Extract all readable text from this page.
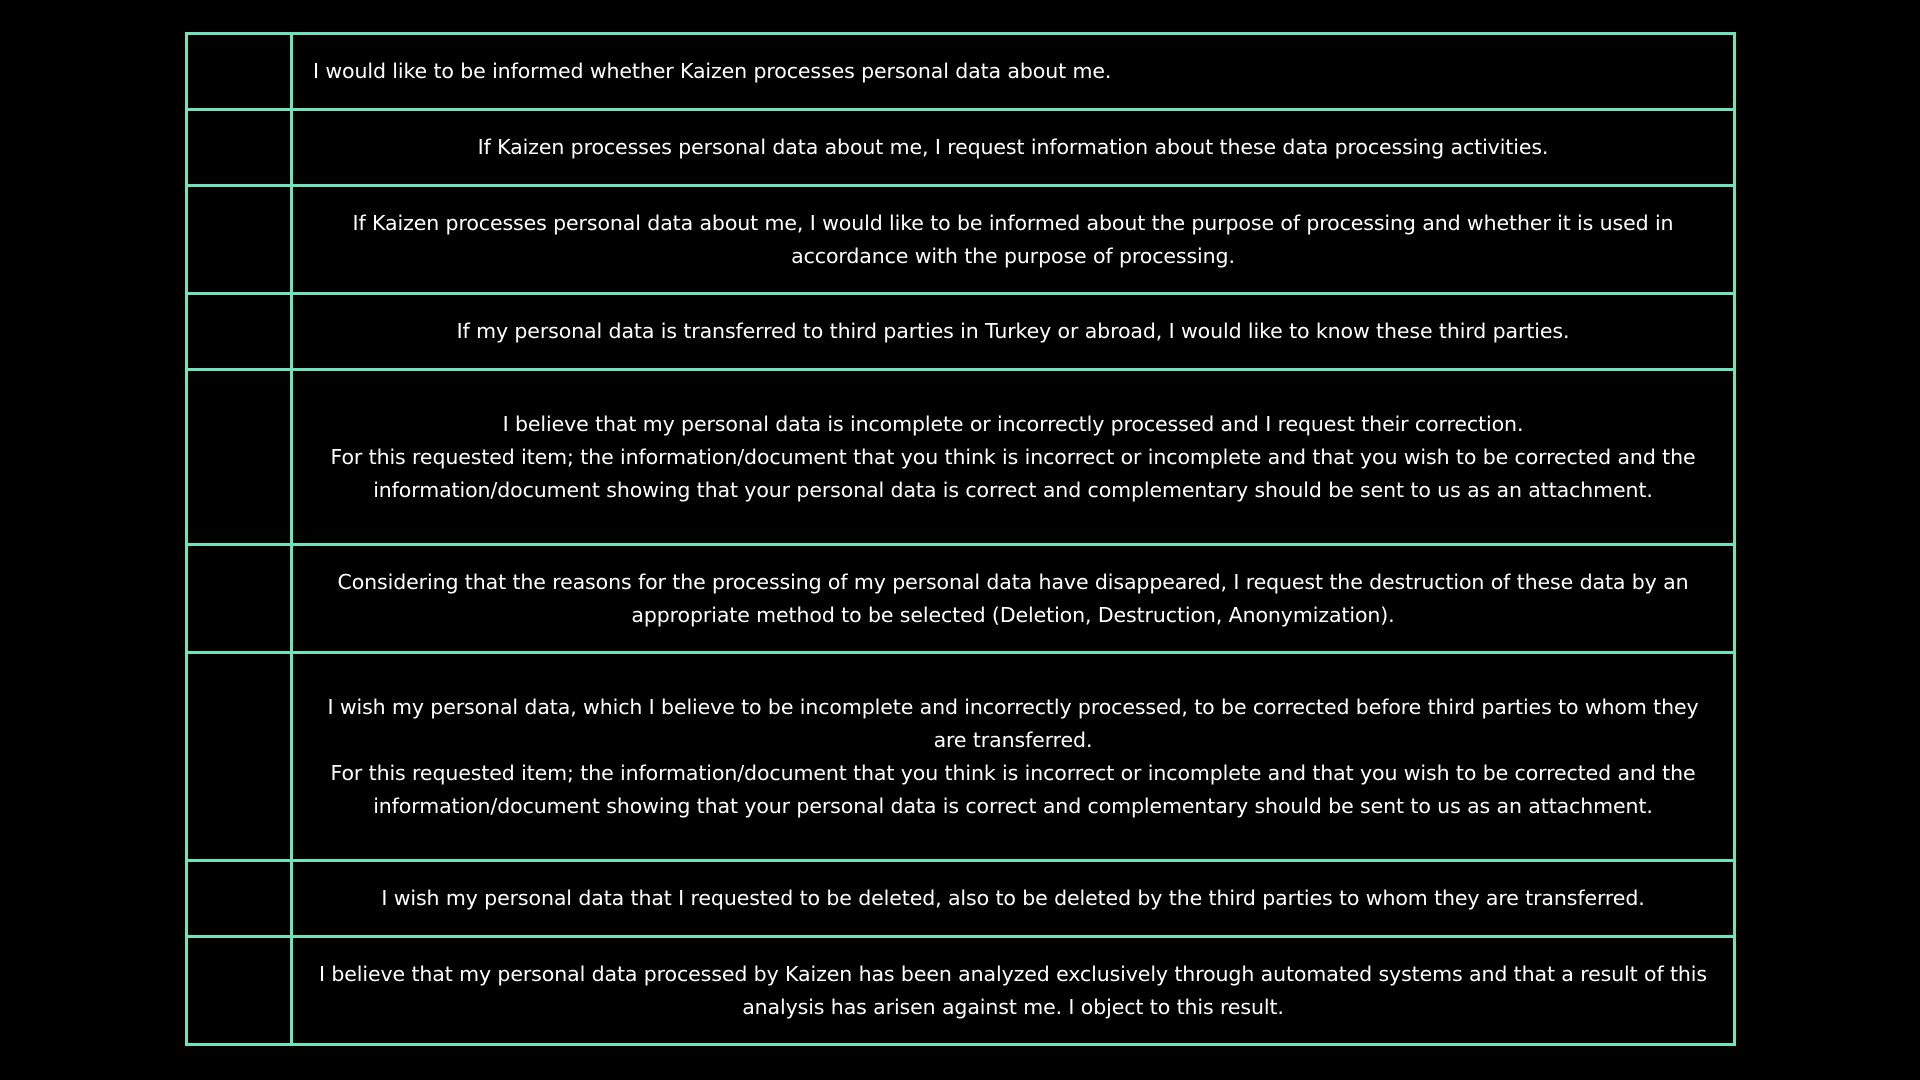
	I would like to be informed whether Kaizen processes personal data about me.

	If Kaizen processes personal data about me, I request information about these data processing activities.

	If Kaizen processes personal data about me, I would like to be informed about the purpose of processing and whether it is used in accordance with the purpose of processing.

	If my personal data is transferred to third parties in Turkey or abroad, I would like to know these third parties.

	I believe that my personal data is incomplete or incorrectly processed and I request their correction.
For this requested item; the information/document that you think is incorrect or incomplete and that you wish to be corrected and the information/document showing that your personal data is correct and complementary should be sent to us as an attachment.

	Considering that the reasons for the processing of my personal data have disappeared, I request the destruction of these data by an appropriate method to be selected (Deletion, Destruction, Anonymization).

	I wish my personal data, which I believe to be incomplete and incorrectly processed, to be corrected before third parties to whom they are transferred.
For this requested item; the information/document that you think is incorrect or incomplete and that you wish to be corrected and the information/document showing that your personal data is correct and complementary should be sent to us as an attachment.

	I wish my personal data that I requested to be deleted, also to be deleted by the third parties to whom they are transferred.

	I believe that my personal data processed by Kaizen has been analyzed exclusively through automated systems and that a result of this analysis has arisen against me. I object to this result.
